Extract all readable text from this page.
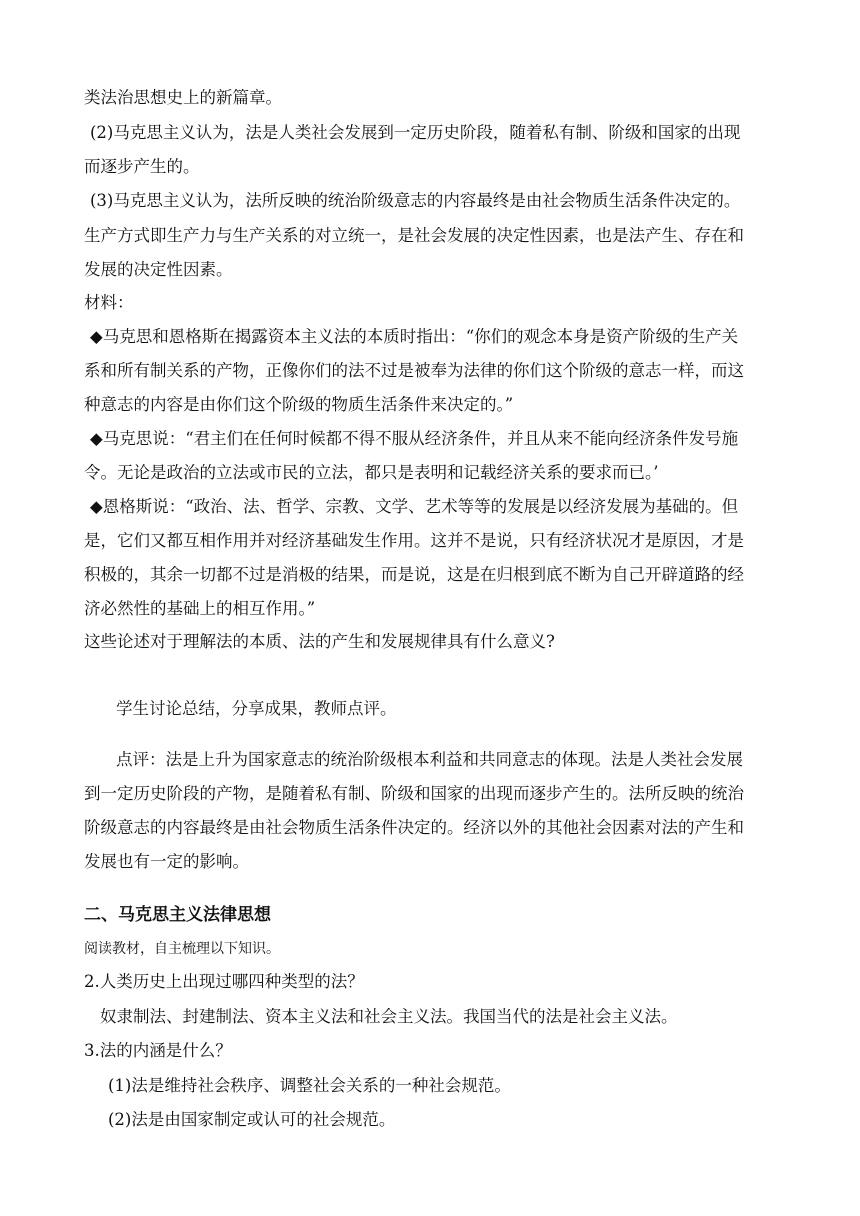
类法治思想史上的新篇章。
(2)马克思主义认为，法是人类社会发展到一定历史阶段，随着私有制、阶级和国家的出现
而逐步产生的。
(3)马克思主义认为，法所反映的统治阶级意志的内容最终是由社会物质生活条件决定的。
生产方式即生产力与生产关系的对立统一，是社会发展的决定性因素，也是法产生、存在和
发展的决定性因素。
材料：
◆马克思和恩格斯在揭露资本主义法的本质时指出：“你们的观念本身是资产阶级的生产关
系和所有制关系的产物，正像你们的法不过是被奉为法律的你们这个阶级的意志一样，而这
种意志的内容是由你们这个阶级的物质生活条件来决定的。”
◆马克思说：“君主们在任何时候都不得不服从经济条件，并且从来不能向经济条件发号施
令。无论是政治的立法或市民的立法，都只是表明和记载经济关系的要求而已。’
◆恩格斯说：“政治、法、哲学、宗教、文学、艺术等等的发展是以经济发展为基础的。但
是，它们又都互相作用并对经济基础发生作用。这并不是说，只有经济状况才是原因，才是
积极的，其余一切都不过是消极的结果，而是说，这是在归根到底不断为自己开辟道路的经
济必然性的基础上的相互作用。”
这些论述对于理解法的本质、法的产生和发展规律具有什么意义?
学生讨论总结，分享成果，教师点评。
点评：法是上升为国家意志的统治阶级根本利益和共同意志的体现。法是人类社会发展
到一定历史阶段的产物，是随着私有制、阶级和国家的出现而逐步产生的。法所反映的统治
阶级意志的内容最终是由社会物质生活条件决定的。经济以外的其他社会因素对法的产生和
发展也有一定的影响。
二、马克思主义法律思想
阅读教材，自主梳理以下知识。
2.人类历史上出现过哪四种类型的法？
奴隶制法、封建制法、资本主义法和社会主义法。我国当代的法是社会主义法。
3.法的内涵是什么？
(1)法是维持社会秩序、调整社会关系的一种社会规范。
(2)法是由国家制定或认可的社会规范。
